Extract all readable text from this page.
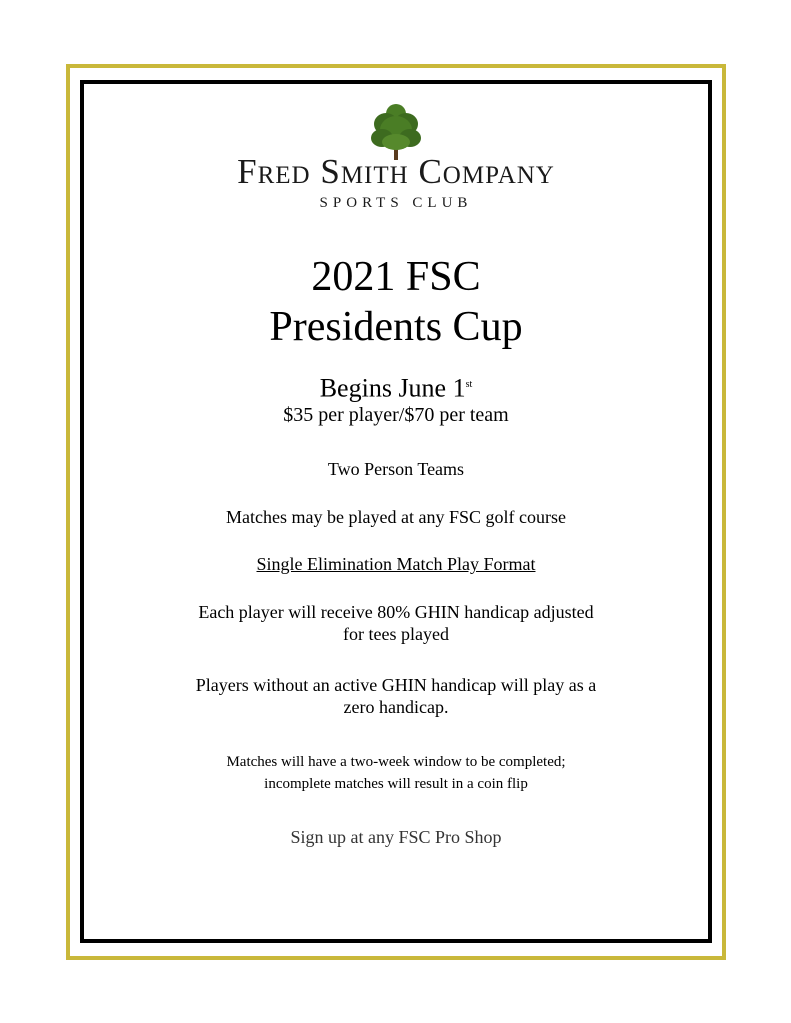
Fred Smith Company
SPORTS CLUB
2021 FSC
Presidents Cup
Begins June 1st
$35 per player/$70 per team
Two Person Teams
Matches may be played at any FSC golf course
Single Elimination Match Play Format
Each player will receive 80% GHIN handicap adjusted
for tees played
Players without an active GHIN handicap will play as a
zero handicap.
Matches will have a two-week window to be completed;
incomplete matches will result in a coin flip
Sign up at any FSC Pro Shop
